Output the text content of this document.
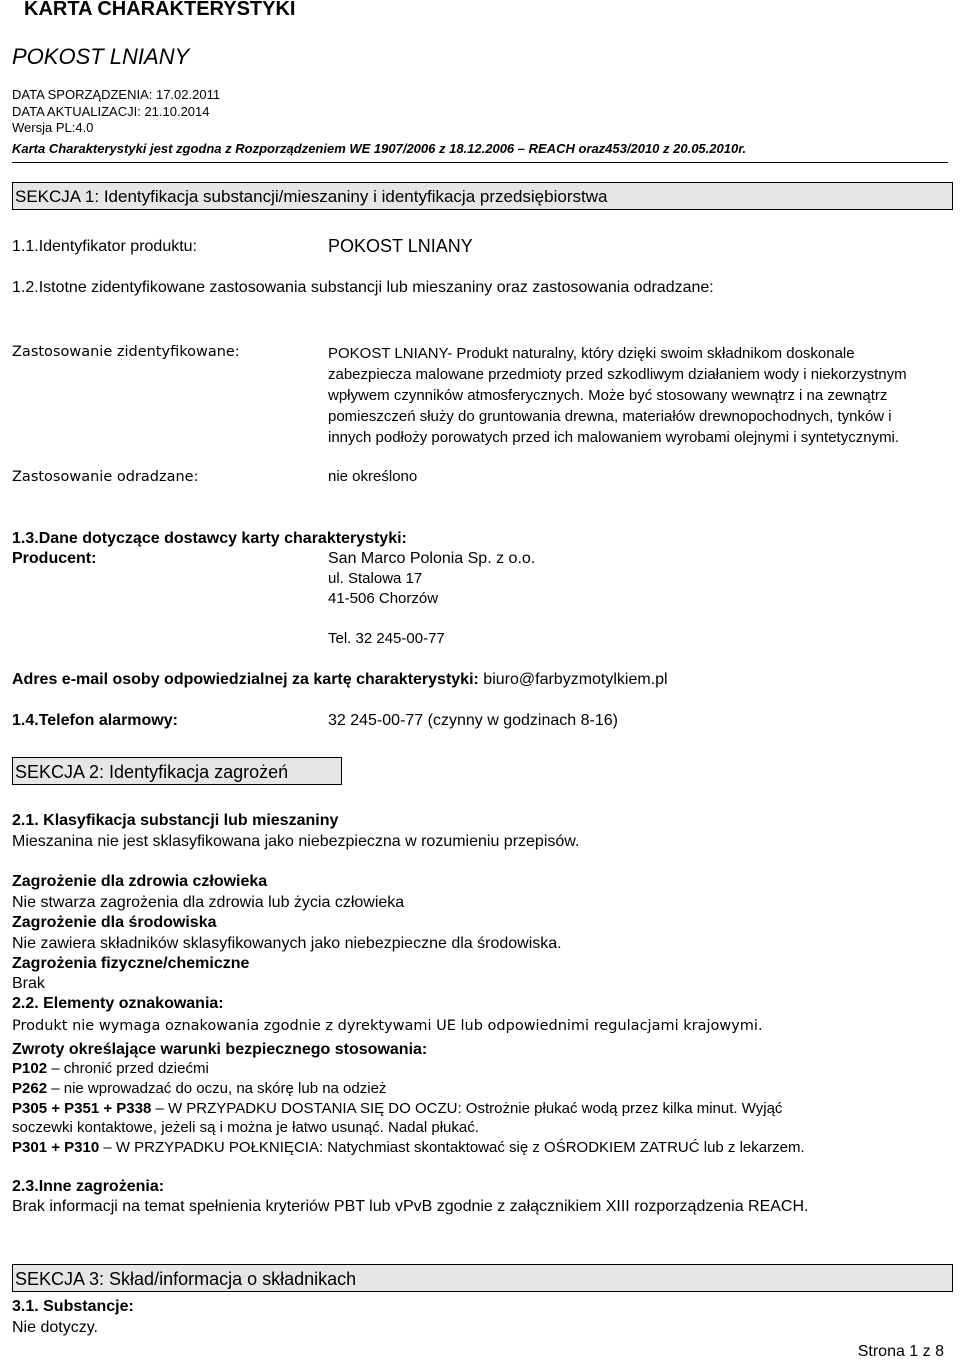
KARTA CHARAKTERYSTYKI
POKOST LNIANY
DATA SPORZĄDZENIA: 17.02.2011
DATA AKTUALIZACJI: 21.10.2014
Wersja PL:4.0
Karta Charakterystyki jest zgodna z Rozporządzeniem WE 1907/2006 z 18.12.2006 – REACH oraz453/2010 z 20.05.2010r.
SEKCJA 1: Identyfikacja substancji/mieszaniny i identyfikacja przedsiębiorstwa
1.1.Identyfikator produktu:	POKOST LNIANY
1.2.Istotne zidentyfikowane zastosowania substancji lub mieszaniny oraz zastosowania odradzane:
Zastosowanie zidentyfikowane:	POKOST LNIANY- Produkt naturalny, który dzięki swoim składnikom doskonale zabezpiecza malowane przedmioty przed szkodliwym działaniem wody i niekorzystnym wpływem czynników atmosferycznych. Może być stosowany wewnątrz i na zewnątrz pomieszczeń służy do gruntowania drewna, materiałów drewnopochodnych, tynków i innych podłoży porowatych przed ich malowaniem wyrobami olejnymi i syntetycznymi.
Zastosowanie odradzane:	nie określono
1.3.Dane dotyczące dostawcy karty charakterystyki:
Producent:	San Marco Polonia Sp. z o.o.
ul. Stalowa 17
41-506 Chorzów
Tel. 32 245-00-77
Adres e-mail osoby odpowiedzialnej za kartę charakterystyki: biuro@farbyzmotylkiem.pl
1.4.Telefon alarmowy:	32 245-00-77 (czynny w godzinach 8-16)
SEKCJA 2: Identyfikacja zagrożeń
2.1. Klasyfikacja substancji lub mieszaniny
Mieszanina nie jest sklasyfikowana jako niebezpieczna w rozumieniu przepisów.
Zagrożenie dla zdrowia człowieka
Nie stwarza zagrożenia dla zdrowia lub życia człowieka
Zagrożenie dla środowiska
Nie zawiera składników sklasyfikowanych jako niebezpieczne dla środowiska.
Zagrożenia fizyczne/chemiczne
Brak
2.2. Elementy oznakowania:
Produkt nie wymaga oznakowania zgodnie z dyrektywami UE lub odpowiednimi regulacjami krajowymi.
Zwroty określające warunki bezpiecznego stosowania:
P102 – chronić przed dziećmi
P262 – nie wprowadzać do oczu, na skórę lub na odzież
P305 + P351 + P338 – W PRZYPADKU DOSTANIA SIĘ DO OCZU: Ostrożnie płukać wodą przez kilka minut. Wyjąć
soczewki kontaktowe, jeżeli są i można je łatwo usunąć. Nadal płukać.
P301 + P310 – W PRZYPADKU POŁKNIĘCIA: Natychmiast skontaktować się z OŚRODKIEM ZATRUĆ lub z lekarzem.
2.3.Inne zagrożenia:
Brak informacji na temat spełnienia kryteriów PBT lub vPvB zgodnie z załącznikiem XIII rozporządzenia REACH.
SEKCJA 3: Skład/informacja o składnikach
3.1. Substancje:
Nie dotyczy.
Strona 1 z 8
